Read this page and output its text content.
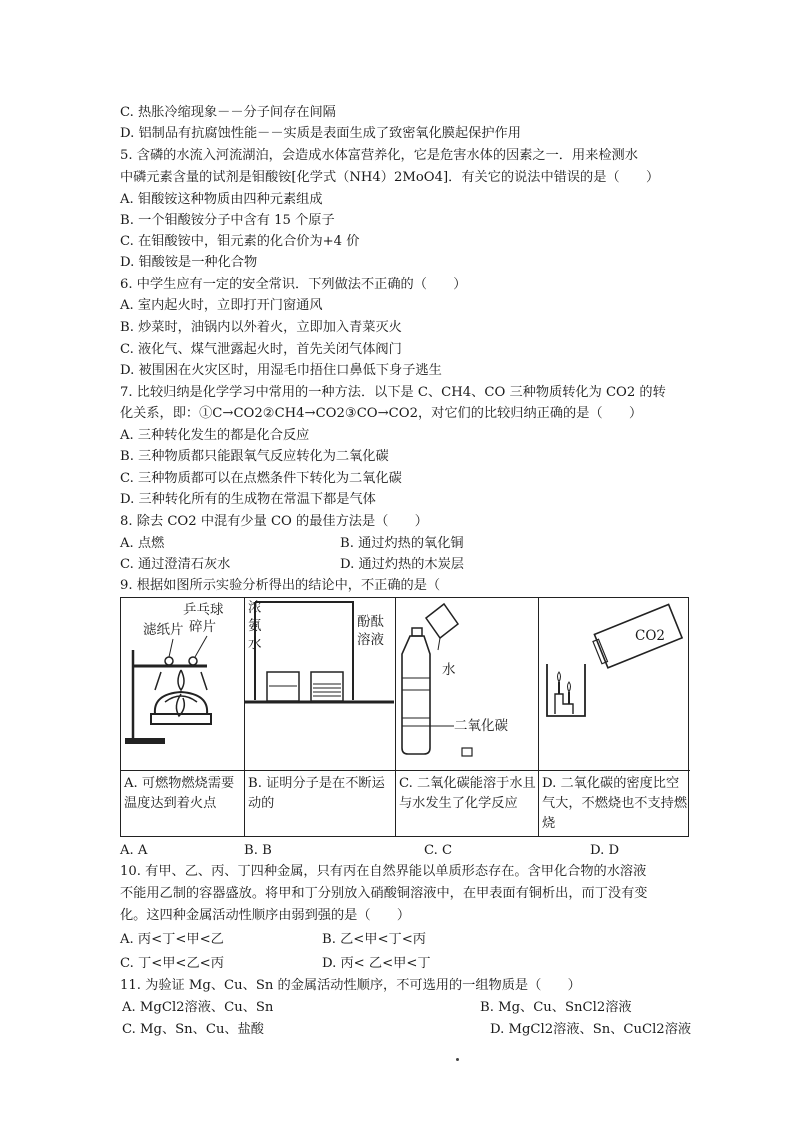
C. 热胀冷缩现象－－分子间存在间隔
D. 铝制品有抗腐蚀性能－－实质是表面生成了致密氧化膜起保护作用
5. 含磷的水流入河流湖泊，会造成水体富营养化，它是危害水体的因素之一．用来检测水
中磷元素含量的试剂是钼酸铵[化学式（NH4）2MoO4]．有关它的说法中错误的是（　　）
A. 钼酸铵这种物质由四种元素组成
B. 一个钼酸铵分子中含有 15 个原子
C. 在钼酸铵中，钼元素的化合价为+4 价
D. 钼酸铵是一种化合物
6. 中学生应有一定的安全常识．下列做法不正确的（　　）
A. 室内起火时，立即打开门窗通风
B. 炒菜时，油锅内以外着火，立即加入青菜灭火
C. 液化气、煤气泄露起火时，首先关闭气体阀门
D. 被围困在火灾区时，用湿毛巾捂住口鼻低下身子逃生
7. 比较归纳是化学学习中常用的一种方法．以下是 C、CH4、CO 三种物质转化为 CO2 的转
化关系，即：①C→CO2②CH4→CO2③CO→CO2，对它们的比较归纳正确的是（　　）
A. 三种转化发生的都是化合反应
B. 三种物质都只能跟氧气反应转化为二氧化碳
C. 三种物质都可以在点燃条件下转化为二氧化碳
D. 三种转化所有的生成物在常温下都是气体
8. 除去 CO2 中混有少量 CO 的最佳方法是（　　）
A. 点燃	B. 通过灼热的氧化铜
C. 通过澄清石灰水	D. 通过灼热的木炭层
9. 根据如图所示实验分析得出的结论中，不正确的是（
乒乓球
碎片
滤纸片
A. 可燃物燃烧需要温度达到着火点
浓
氨
水
酚酞
溶液
B. 证明分子是在不断运动的
水
二氧化碳
C. 二氧化碳能溶于水且与水发生了化学反应
CO2
D. 二氧化碳的密度比空气大，不燃烧也不支持燃烧
A. A	B. B	C. C	D. D
10. 有甲、乙、丙、丁四种金属，只有丙在自然界能以单质形态存在。含甲化合物的水溶液
不能用乙制的容器盛放。将甲和丁分别放入硝酸铜溶液中，在甲表面有铜析出，而丁没有变
化。这四种金属活动性顺序由弱到强的是（　　）
A. 丙<丁<甲<乙	B. 乙<甲<丁<丙
C. 丁<甲<乙<丙	D. 丙< 乙<甲<丁
11. 为验证 Mg、Cu、Sn 的金属活动性顺序，不可选用的一组物质是（　　）
A. MgCl2溶液、Cu、Sn	B. Mg、Cu、SnCl2溶液
C. Mg、Sn、Cu、盐酸	D. MgCl2溶液、Sn、CuCl2溶液
